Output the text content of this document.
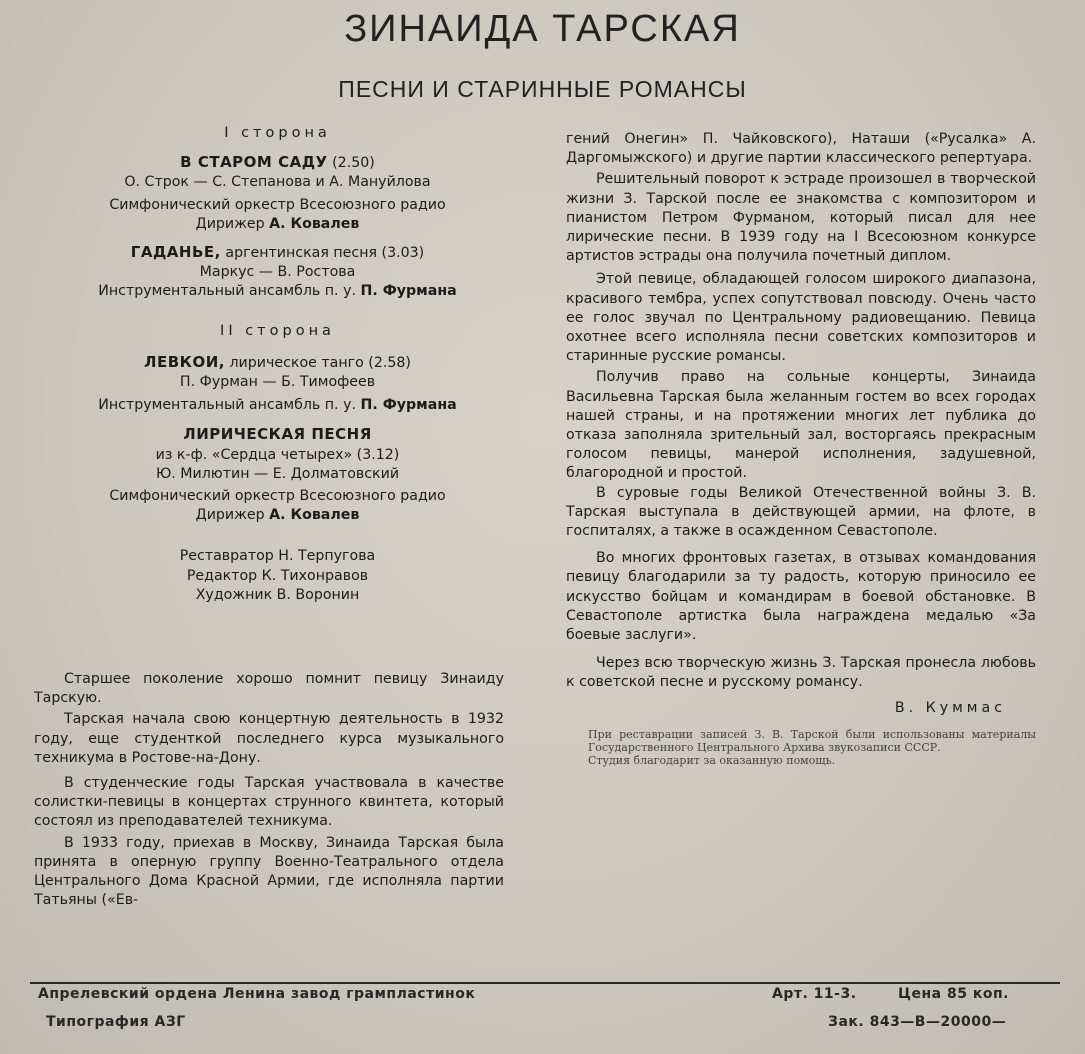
ЗИНАИДА ТАРСКАЯ
ПЕСНИ И СТАРИННЫЕ РОМАНСЫ
I сторона
В СТАРОМ САДУ (2.50)
О. Строк — С. Степанова и А. Мануйлова
Симфонический оркестр Всесоюзного радио
Дирижер А. Ковалев
ГАДАНЬЕ, аргентинская песня (3.03)
Маркус — В. Ростова
Инструментальный ансамбль п. у. П. Фурмана
II сторона
ЛЕВКОИ, лирическое танго (2.58)
П. Фурман — Б. Тимофеев
Инструментальный ансамбль п. у. П. Фурмана
ЛИРИЧЕСКАЯ ПЕСНЯ
из к-ф. «Сердца четырех» (3.12)
Ю. Милютин — Е. Долматовский
Симфонический оркестр Всесоюзного радио
Дирижер А. Ковалев
Реставратор Н. Терпугова
Редактор К. Тихонравов
Художник В. Воронин
Старшее поколение хорошо помнит певицу Зинаиду Тарскую.
Тарская начала свою концертную деятельность в 1932 году, еще студенткой последнего курса музыкального техникума в Ростове-на-Дону.
В студенческие годы Тарская участвовала в качестве солистки-певицы в концертах струнного квинтета, который состоял из преподавателей техникума.
В 1933 году, приехав в Москву, Зинаида Тарская была принята в оперную группу Военно-Театрального отдела Центрального Дома Красной Армии, где исполняла партии Татьяны («Ев-
гений Онегин» П. Чайковского), Наташи («Русалка» А. Даргомыжского) и другие партии классического репертуара.
Решительный поворот к эстраде произошел в творческой жизни З. Тарской после ее знакомства с композитором и пианистом Петром Фурманом, который писал для нее лирические песни. В 1939 году на I Всесоюзном конкурсе артистов эстрады она получила почетный диплом.
Этой певице, обладающей голосом широкого диапазона, красивого тембра, успех сопутствовал повсюду. Очень часто ее голос звучал по Центральному радиовещанию. Певица охотнее всего исполняла песни советских композиторов и старинные русские романсы.
Получив право на сольные концерты, Зинаида Васильевна Тарская была желанным гостем во всех городах нашей страны, и на протяжении многих лет публика до отказа заполняла зрительный зал, восторгаясь прекрасным голосом певицы, манерой исполнения, задушевной, благородной и простой.
В суровые годы Великой Отечественной войны З. В. Тарская выступала в действующей армии, на флоте, в госпиталях, а также в осажденном Севастополе.
Во многих фронтовых газетах, в отзывах командования певицу благодарили за ту радость, которую приносило ее искусство бойцам и командирам в боевой обстановке. В Севастополе артистка была награждена медалью «За боевые заслуги».
Через всю творческую жизнь З. Тарская пронесла любовь к советской песне и русскому романсу.
В. Куммас
При реставрации записей З. В. Тарской были использованы материалы Государственного Центрального Архива звукозаписи СССР.
Студия благодарит за оказанную помощь.
Апрелевский ордена Ленина завод грампластинок	Арт. 11-3.	Цена 85 коп.
Типография АЗГ	Зак. 843—В—20000—
